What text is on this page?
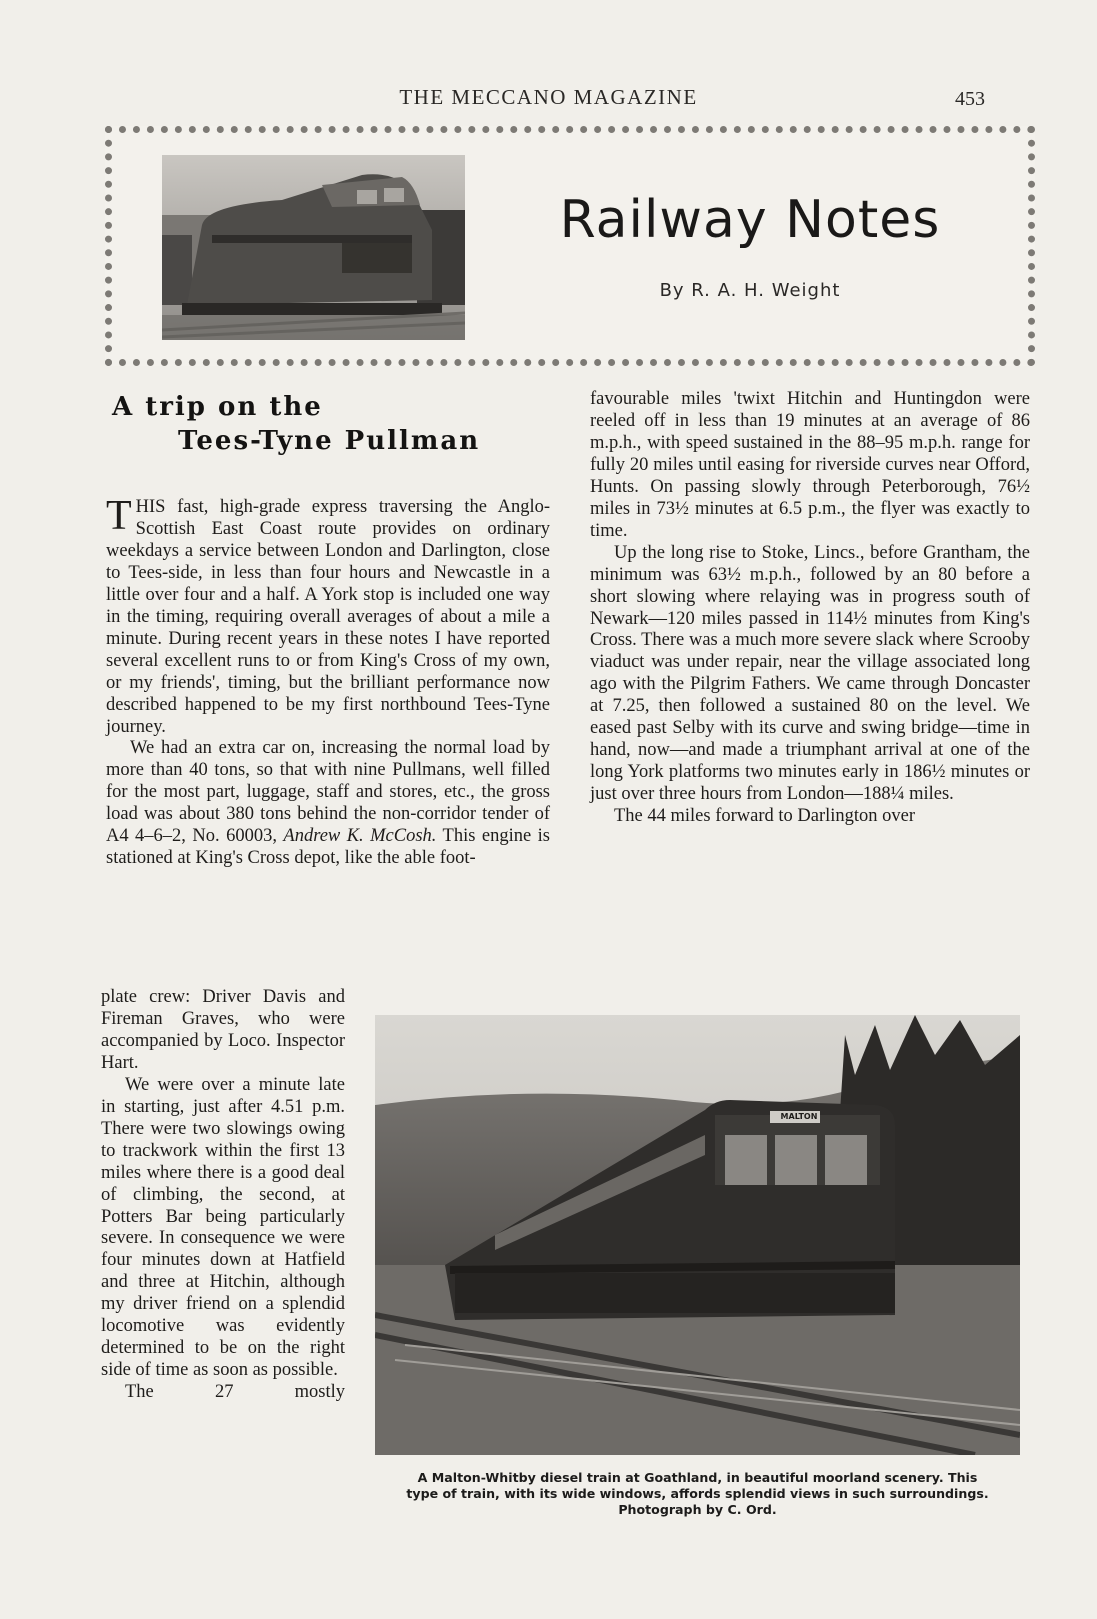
THE MECCANO MAGAZINE	453
Railway Notes
By R. A. H. Weight
A trip on the
Tees-Tyne Pullman

THIS fast, high-grade express traversing the Anglo-Scottish East Coast route provides on ordinary weekdays a service between London and Darlington, close to Tees-side, in less than four hours and Newcastle in a little over four and a half. A York stop is included one way in the timing, requiring overall averages of about a mile a minute. During recent years in these notes I have reported several excellent runs to or from King's Cross of my own, or my friends', timing, but the brilliant performance now described happened to be my first northbound Tees-Tyne journey.

We had an extra car on, increasing the normal load by more than 40 tons, so that with nine Pullmans, well filled for the most part, luggage, staff and stores, etc., the gross load was about 380 tons behind the non-corridor tender of A4 4–6–2, No. 60003, Andrew K. McCosh. This engine is stationed at King's Cross depot, like the able foot-

plate crew: Driver Davis and Fireman Graves, who were accompanied by Loco. Inspector Hart.

We were over a minute late in starting, just after 4.51 p.m. There were two slowings owing to trackwork within the first 13 miles where there is a good deal of climbing, the second, at Potters Bar being particularly severe. In consequence we were four minutes down at Hatfield and three at Hitchin, although my driver friend on a splendid locomotive was evidently determined to be on the right side of time as soon as possible.

The 27 mostly

favourable miles 'twixt Hitchin and Huntingdon were reeled off in less than 19 minutes at an average of 86 m.p.h., with speed sustained in the 88–95 m.p.h. range for fully 20 miles until easing for riverside curves near Offord, Hunts. On passing slowly through Peterborough, 76½ miles in 73½ minutes at 6.5 p.m., the flyer was exactly to time.

Up the long rise to Stoke, Lincs., before Grantham, the minimum was 63½ m.p.h., followed by an 80 before a short slowing where relaying was in progress south of Newark—120 miles passed in 114½ minutes from King's Cross. There was a much more severe slack where Scrooby viaduct was under repair, near the village associated long ago with the Pilgrim Fathers. We came through Doncaster at 7.25, then followed a sustained 80 on the level. We eased past Selby with its curve and swing bridge—time in hand, now—and made a triumphant arrival at one of the long York platforms two minutes early in 186½ minutes or just over three hours from London—188¼ miles.

The 44 miles forward to Darlington over

MALTON
A Malton-Whitby diesel train at Goathland, in beautiful moorland scenery. This
type of train, with its wide windows, affords splendid views in such surroundings.
Photograph by C. Ord.
